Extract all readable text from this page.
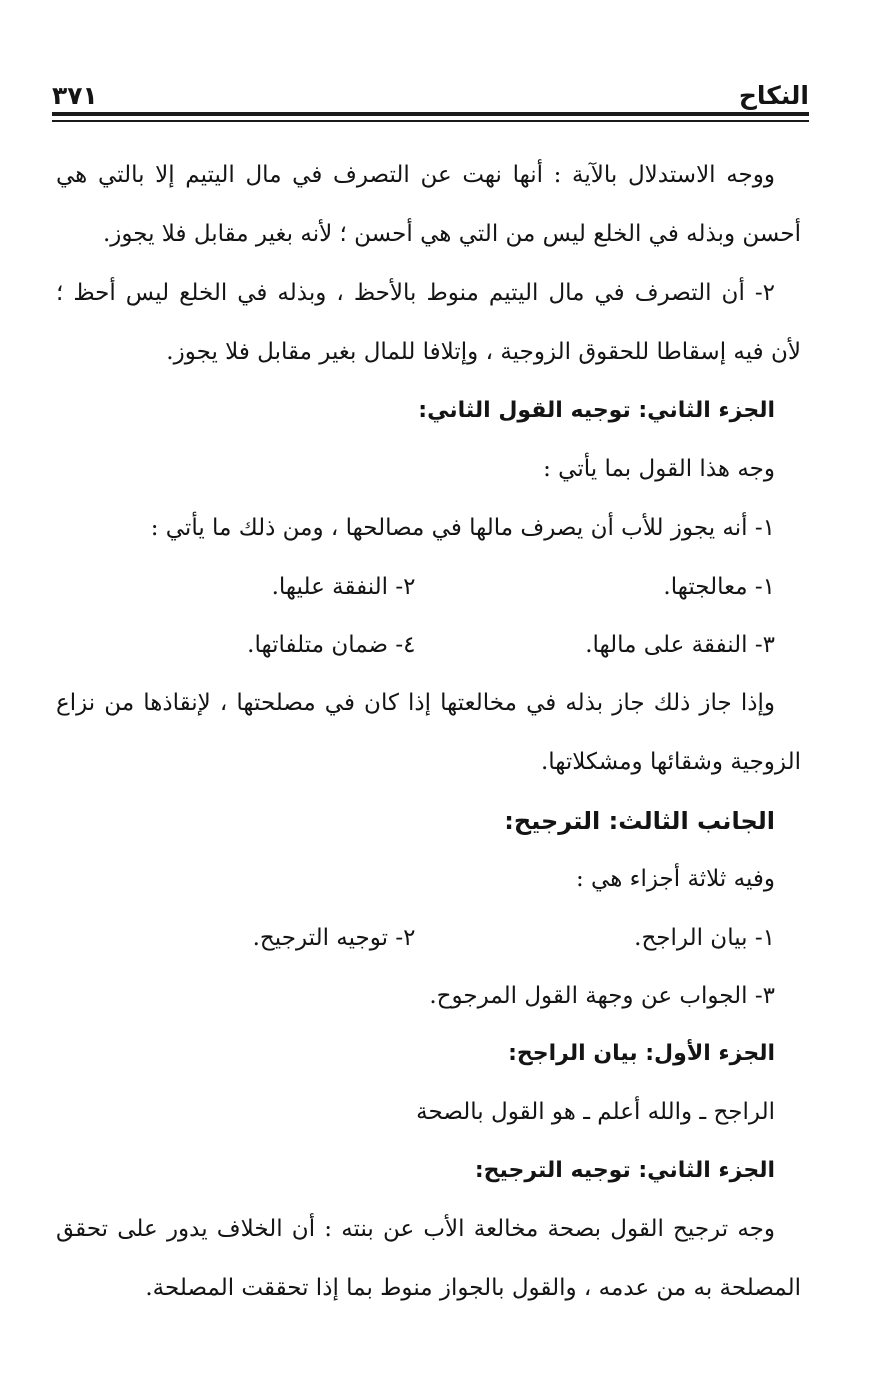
٣٧١	النكاح

ووجه الاستدلال بالآية : أنها نهت عن التصرف في مال اليتيم إلا بالتي هي

أحسن وبذله في الخلع ليس من التي هي أحسن ؛ لأنه بغير مقابل فلا يجوز.

٢- أن التصرف في مال اليتيم منوط بالأحظ ، وبذله في الخلع ليس أحظ ؛

لأن فيه إسقاطا للحقوق الزوجية ، وإتلافا للمال بغير مقابل فلا يجوز.

الجزء الثاني: توجيه القول الثاني:

وجه هذا القول بما يأتي :

١- أنه يجوز للأب أن يصرف مالها في مصالحها ، ومن ذلك ما يأتي :

١- معالجتها.
٢- النفقة عليها.
٣- النفقة على مالها.
٤- ضمان متلفاتها.

وإذا جاز ذلك جاز بذله في مخالعتها إذا كان في مصلحتها ، لإنقاذها من نزاع

الزوجية وشقائها ومشكلاتها.

الجانب الثالث: الترجيح:

وفيه ثلاثة أجزاء هي :

١- بيان الراجح.
٢- توجيه الترجيح.
٣- الجواب عن وجهة القول المرجوح.

الجزء الأول: بيان الراجح:

الراجح ـ والله أعلم ـ هو القول بالصحة

الجزء الثاني: توجيه الترجيح:

وجه ترجيح القول بصحة مخالعة الأب عن بنته : أن الخلاف يدور على تحقق

المصلحة به من عدمه ، والقول بالجواز منوط بما إذا تحققت المصلحة.
